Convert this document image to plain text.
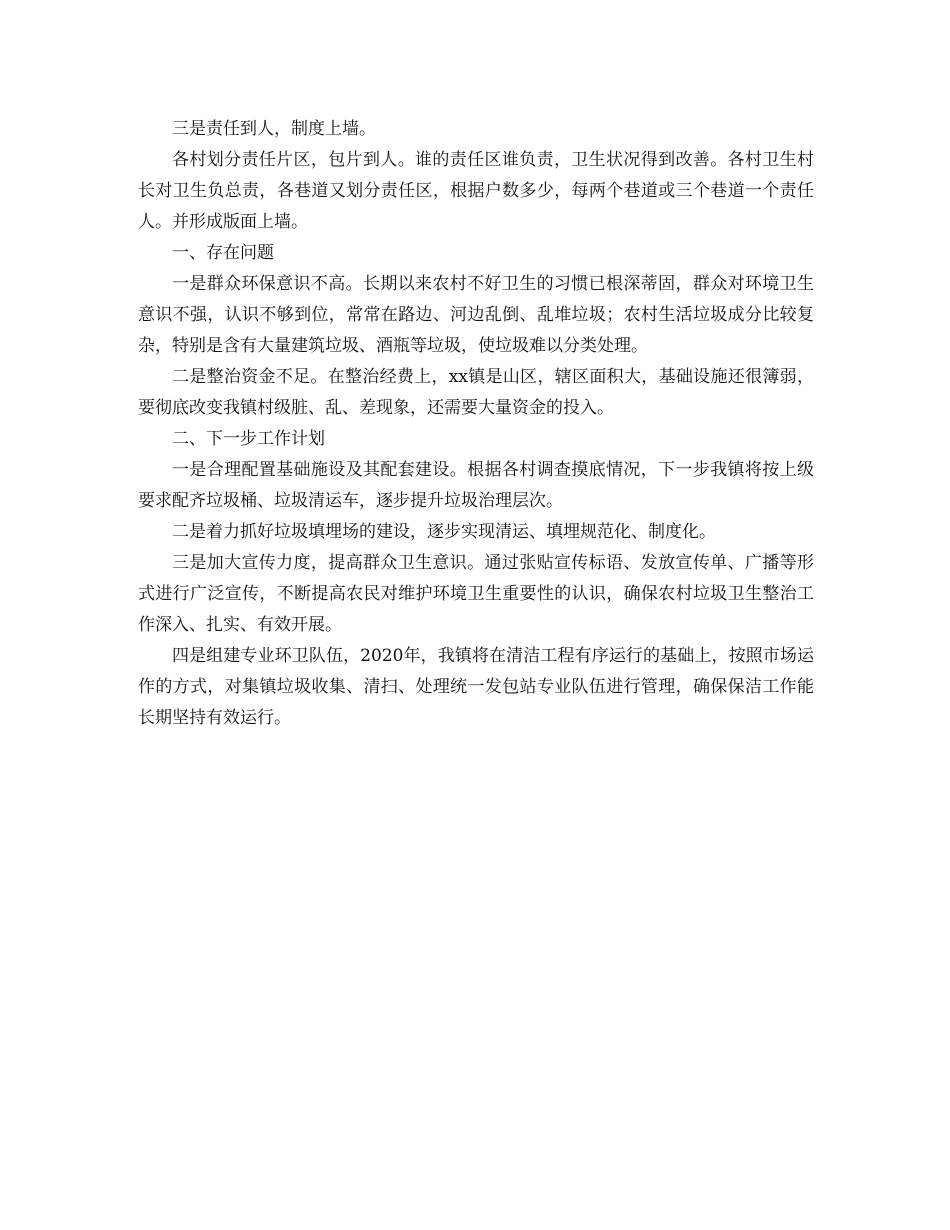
三是责任到人，制度上墙。

各村划分责任片区，包片到人。谁的责任区谁负责，卫生状况得到改善。各村卫生村长对卫生负总责，各巷道又划分责任区，根据户数多少，每两个巷道或三个巷道一个责任人。并形成版面上墙。

一、存在问题

一是群众环保意识不高。长期以来农村不好卫生的习惯已根深蒂固，群众对环境卫生意识不强，认识不够到位，常常在路边、河边乱倒、乱堆垃圾；农村生活垃圾成分比较复杂，特别是含有大量建筑垃圾、酒瓶等垃圾，使垃圾难以分类处理。

二是整治资金不足。在整治经费上，xx镇是山区，辖区面积大，基础设施还很簿弱，要彻底改变我镇村级脏、乱、差现象，还需要大量资金的投入。

二、下一步工作计划

一是合理配置基础施设及其配套建设。根据各村调查摸底情况，下一步我镇将按上级要求配齐垃圾桶、垃圾清运车，逐步提升垃圾治理层次。

二是着力抓好垃圾填埋场的建设，逐步实现清运、填埋规范化、制度化。

三是加大宣传力度，提高群众卫生意识。通过张贴宣传标语、发放宣传单、广播等形式进行广泛宣传，不断提高农民对维护环境卫生重要性的认识，确保农村垃圾卫生整治工作深入、扎实、有效开展。

四是组建专业环卫队伍，2020年，我镇将在清洁工程有序运行的基础上，按照市场运作的方式，对集镇垃圾收集、清扫、处理统一发包站专业队伍进行管理，确保保洁工作能长期坚持有效运行。
